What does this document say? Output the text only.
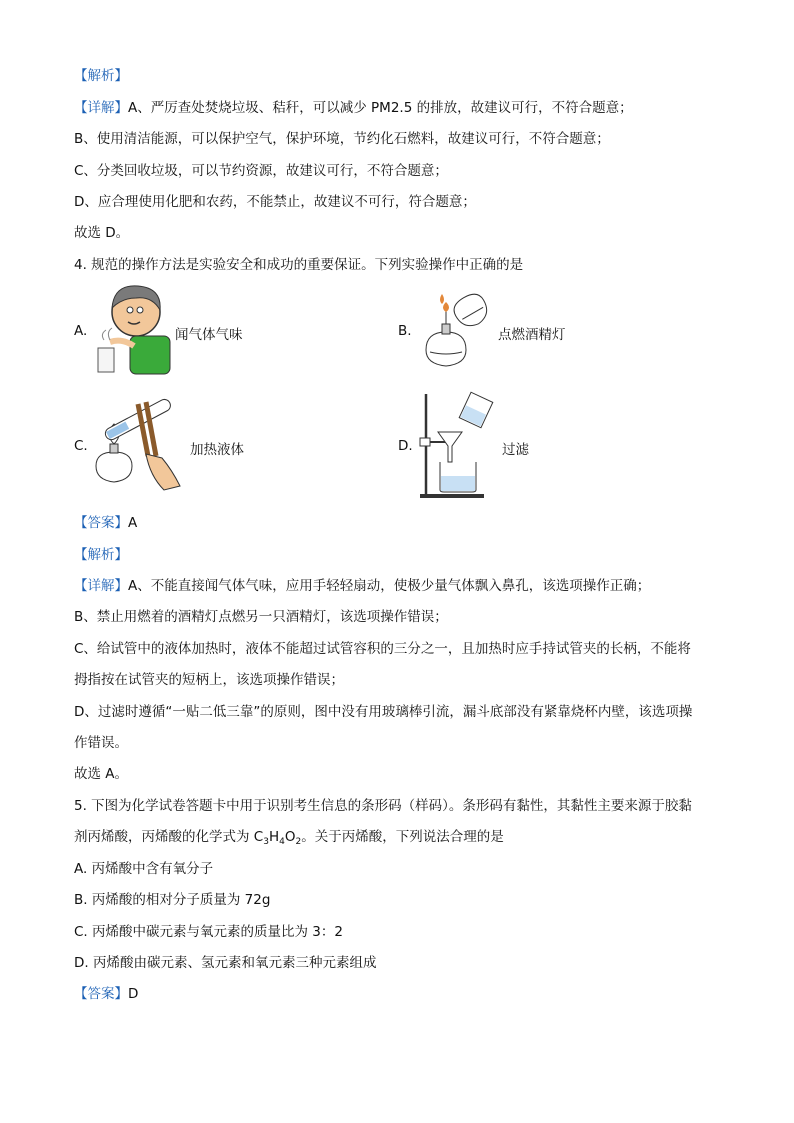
【解析】
【详解】A、严厉查处焚烧垃圾、秸秆，可以减少 PM2.5 的排放，故建议可行，不符合题意；
B、使用清洁能源，可以保护空气，保护环境，节约化石燃料，故建议可行，不符合题意；
C、分类回收垃圾，可以节约资源，故建议可行，不符合题意；
D、应合理使用化肥和农药，不能禁止，故建议不可行，符合题意；
故选 D。
4. 规范的操作方法是实验安全和成功的重要保证。下列实验操作中正确的是
A.	闻气体气味	B.	点燃酒精灯
C.	加热液体	D.	过滤
【答案】A
【解析】
【详解】A、不能直接闻气体气味，应用手轻轻扇动，使极少量气体飘入鼻孔，该选项操作正确；
B、禁止用燃着的酒精灯点燃另一只酒精灯，该选项操作错误；
C、给试管中的液体加热时，液体不能超过试管容积的三分之一，且加热时应手持试管夹的长柄，不能将
拇指按在试管夹的短柄上，该选项操作错误；
D、过滤时遵循“一贴二低三靠”的原则，图中没有用玻璃棒引流，漏斗底部没有紧靠烧杯内壁，该选项操
作错误。
故选 A。
5. 下图为化学试卷答题卡中用于识别考生信息的条形码（样码）。条形码有黏性，其黏性主要来源于胶黏
剂丙烯酸，丙烯酸的化学式为 $C_3H_4O_2$。关于丙烯酸，下列说法合理的是
A. 丙烯酸中含有氧分子
B. 丙烯酸的相对分子质量为 72g
C. 丙烯酸中碳元素与氧元素的质量比为 3：2
D. 丙烯酸由碳元素、氢元素和氧元素三种元素组成
【答案】D
